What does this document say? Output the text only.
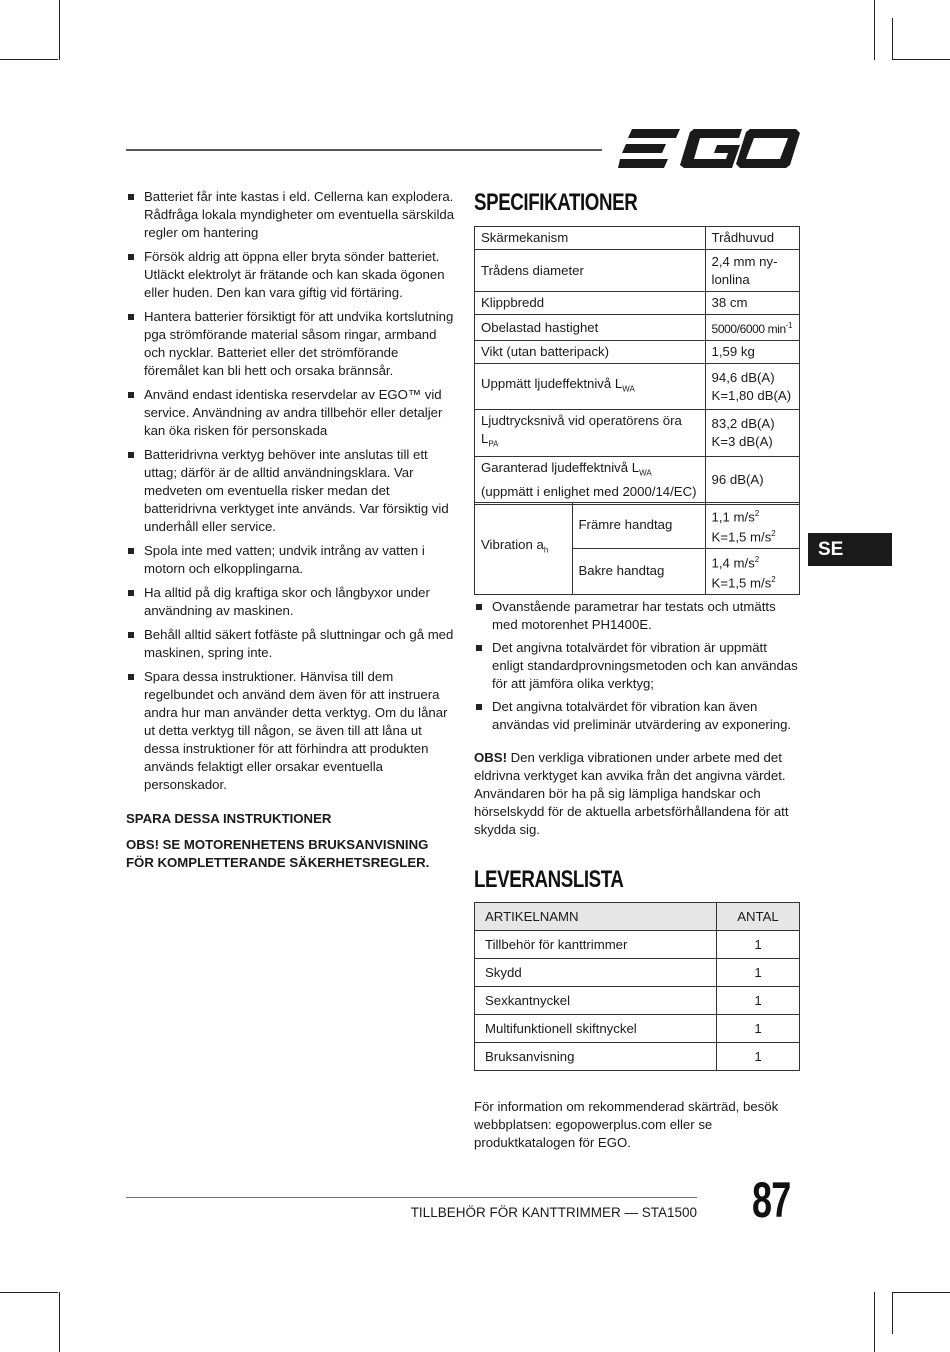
Batteriet får inte kastas i eld. Cellerna kan explodera. Rådfråga lokala myndigheter om eventuella särskilda regler om hantering
Försök aldrig att öppna eller bryta sönder batteriet. Utläckt elektrolyt är frätande och kan skada ögonen eller huden. Den kan vara giftig vid förtäring.
Hantera batterier försiktigt för att undvika kortslutning pga strömförande material såsom ringar, armband och nycklar. Batteriet eller det strömförande föremålet kan bli hett och orsaka brännsår.
Använd endast identiska reservdelar av EGO™ vid service. Användning av andra tillbehör eller detaljer kan öka risken för personskada
Batteridrivna verktyg behöver inte anslutas till ett uttag; därför är de alltid användningsklara. Var medveten om eventuella risker medan det batteridrivna verktyget inte används. Var försiktig vid underhåll eller service.
Spola inte med vatten; undvik intrång av vatten i motorn och elkopplingarna.
Ha alltid på dig kraftiga skor och långbyxor under användning av maskinen.
Behåll alltid säkert fotfäste på sluttningar och gå med maskinen, spring inte.
Spara dessa instruktioner. Hänvisa till dem regelbundet och använd dem även för att instruera andra hur man använder detta verktyg. Om du lånar ut detta verktyg till någon, se även till att låna ut dessa instruktioner för att förhindra att produkten används felaktigt eller orsakar eventuella personskador.

SPARA DESSA INSTRUKTIONER

OBS! SE MOTORENHETENS BRUKSANVISNING FÖR KOMPLETTERANDE SÄKERHETSREGLER.

SPECIFIKATIONER
Skärmekanism	Trådhuvud
Trådens diameter	2,4 mm ny-lonlina
Klippbredd	38 cm
Obelastad hastighet	5000/6000 $\min^{-1}$
Vikt (utan batteripack)	1,59 kg
Uppmätt ljudeffektnivå $L_{WA}$	94,6 dB(A)
K=1,80 dB(A)

Ljudtrycksnivå vid operatörens öra $L_{PA}$	83,2 dB(A)
K=3 dB(A)

Garanterad ljudeffektnivå $L_{WA}$
(uppmätt i enlighet med 2000/14/EC)	96 dB(A)
Vibration $a_h$	Främre handtag	1,1 $m/s^2$
K=1,5 $m/s^2$

	Bakre handtag	1,4 $m/s^2$
K=1,5 $m/s^2$
Ovanstående parametrar har testats och utmätts med motorenhet PH1400E.
Det angivna totalvärdet för vibration är uppmätt enligt standardprovningsmetoden och kan användas för att jämföra olika verktyg;
Det angivna totalvärdet för vibration kan även användas vid preliminär utvärdering av exponering.

OBS! Den verkliga vibrationen under arbete med det eldrivna verktyget kan avvika från det angivna värdet. Användaren bör ha på sig lämpliga handskar och hörselskydd för de aktuella arbetsförhållandena för att skydda sig.

LEVERANSLISTA
ARTIKELNAMN	ANTAL
Tillbehör för kanttrimmer	1
Skydd	1
Sexkantnyckel	1
Multifunktionell skiftnyckel	1
Bruksanvisning	1

För information om rekommenderad skärträd, besök webbplatsen: egopowerplus.com eller se produktkatalogen för EGO.

SE
TILLBEHÖR FÖR KANTTRIMMER — STA1500 87
